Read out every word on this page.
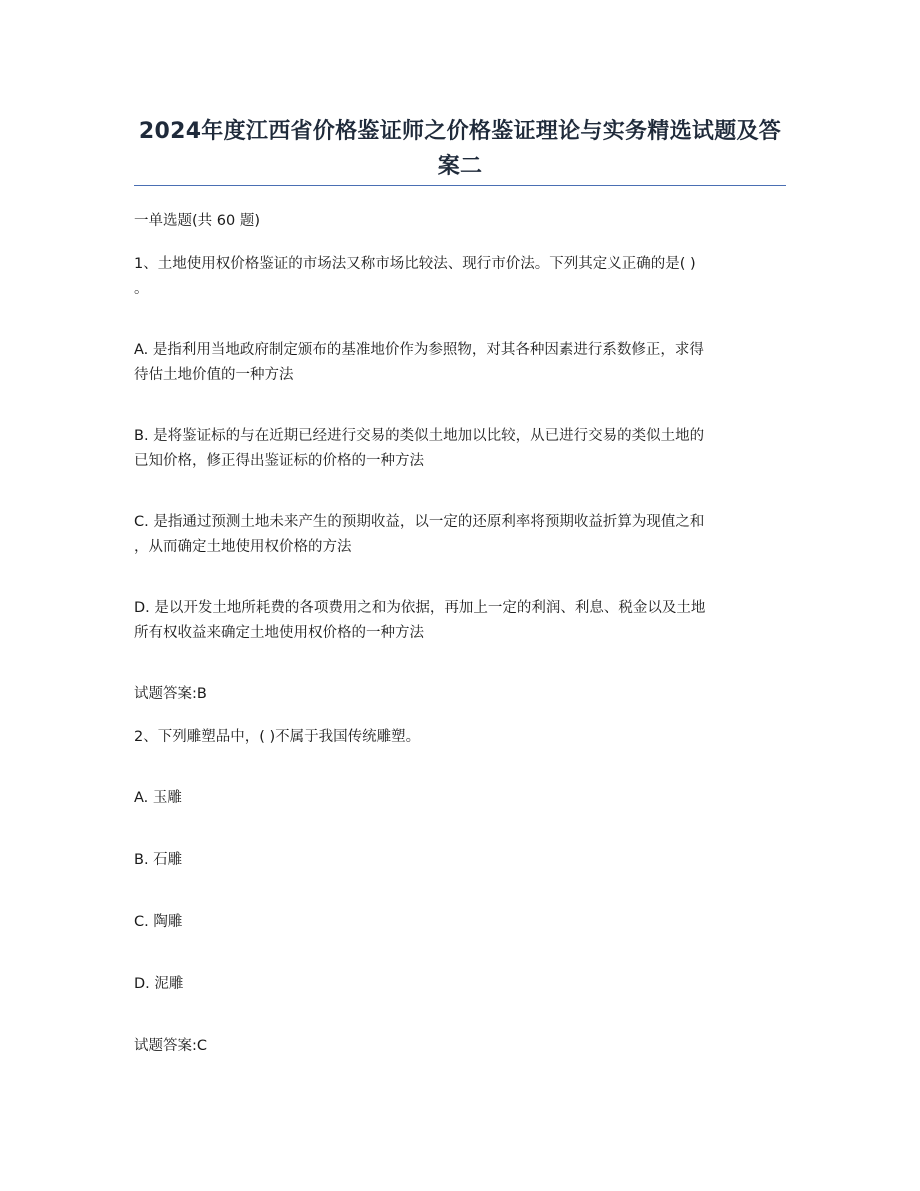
2024年度江西省价格鉴证师之价格鉴证理论与实务精选试题及答案二
一单选题(共 60 题)
1、土地使用权价格鉴证的市场法又称市场比较法、现行市价法。下列其定义正确的是( )
。
A. 是指利用当地政府制定颁布的基准地价作为参照物，对其各种因素进行系数修正，求得
待估土地价值的一种方法
B. 是将鉴证标的与在近期已经进行交易的类似土地加以比较，从已进行交易的类似土地的
已知价格，修正得出鉴证标的价格的一种方法
C. 是指通过预测土地未来产生的预期收益，以一定的还原利率将预期收益折算为现值之和
，从而确定土地使用权价格的方法
D. 是以开发土地所耗费的各项费用之和为依据，再加上一定的利润、利息、税金以及土地
所有权收益来确定土地使用权价格的一种方法
试题答案:B
2、下列雕塑品中，( )不属于我国传统雕塑。
A. 玉雕
B. 石雕
C. 陶雕
D. 泥雕
试题答案:C
